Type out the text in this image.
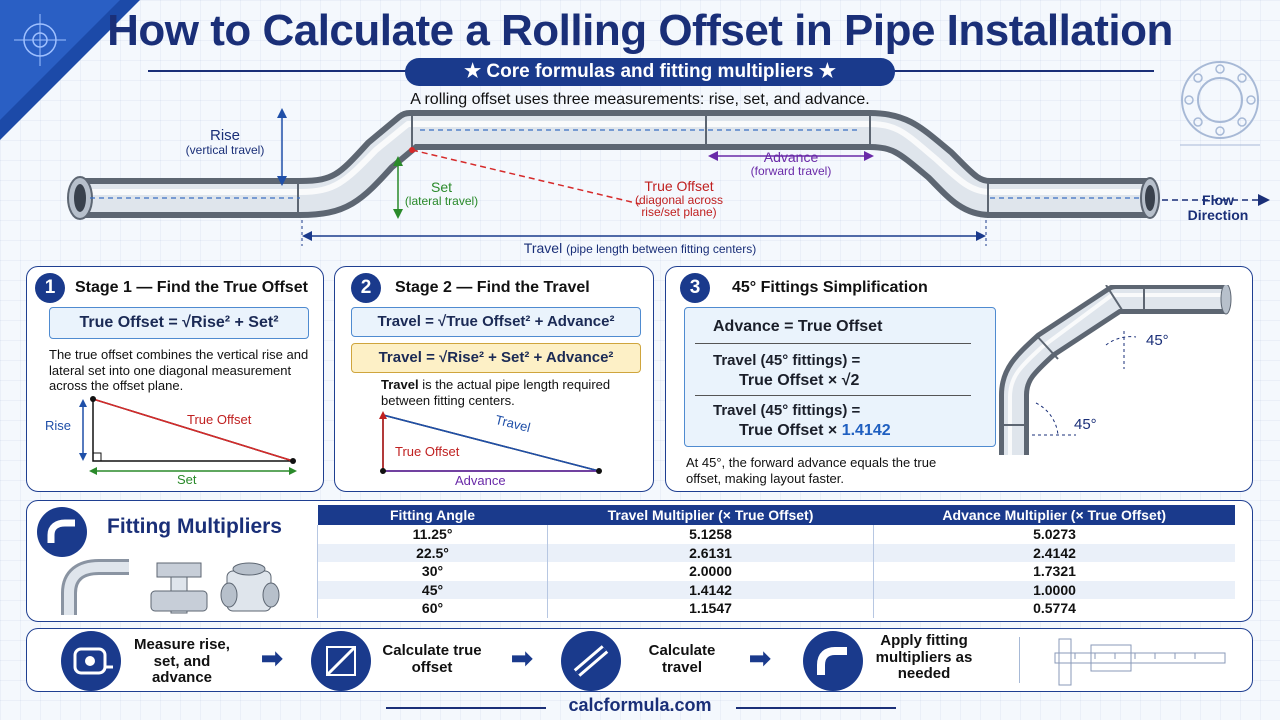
How to Calculate a Rolling Offset in Pipe Installation
★ Core formulas and fitting multipliers ★
A rolling offset uses three measurements: rise, set, and advance.
Rise
(vertical travel)
Set
(lateral travel)
True Offset
(diagonal across rise/set plane)
Advance
(forward travel)
Flow Direction
Travel (pipe length between fitting centers)
1	Stage 1 — Find the True Offset
True Offset = √Rise² + Set²
The true offset combines the vertical rise and lateral set into one diagonal measurement across the offset plane.
Rise
Set
True Offset
2	Stage 2 — Find the Travel
Travel = √True Offset² + Advance²
Travel = √Rise² + Set² + Advance²
Travel is the actual pipe length required between fitting centers.
Travel
True Offset
Advance
3	45° Fittings Simplification
Advance = True Offset
Travel (45° fittings) =
True Offset × √2
Travel (45° fittings) =
True Offset × 1.4142
At 45°, the forward advance equals the true offset, making layout faster.
45°
45°
Fitting Multipliers	Fitting Angle	Travel Multiplier (× True Offset)	Advance Multiplier (× True Offset)
11.25°	5.1258	5.0273
22.5°	2.6131	2.4142
30°	2.0000	1.7321
45°	1.4142	1.0000
60°	1.1547	0.5774
Measure rise, set, and advance
➡	Calculate true offset	➡	Calculate travel	➡
Apply fitting multipliers as needed
calcformula.com
